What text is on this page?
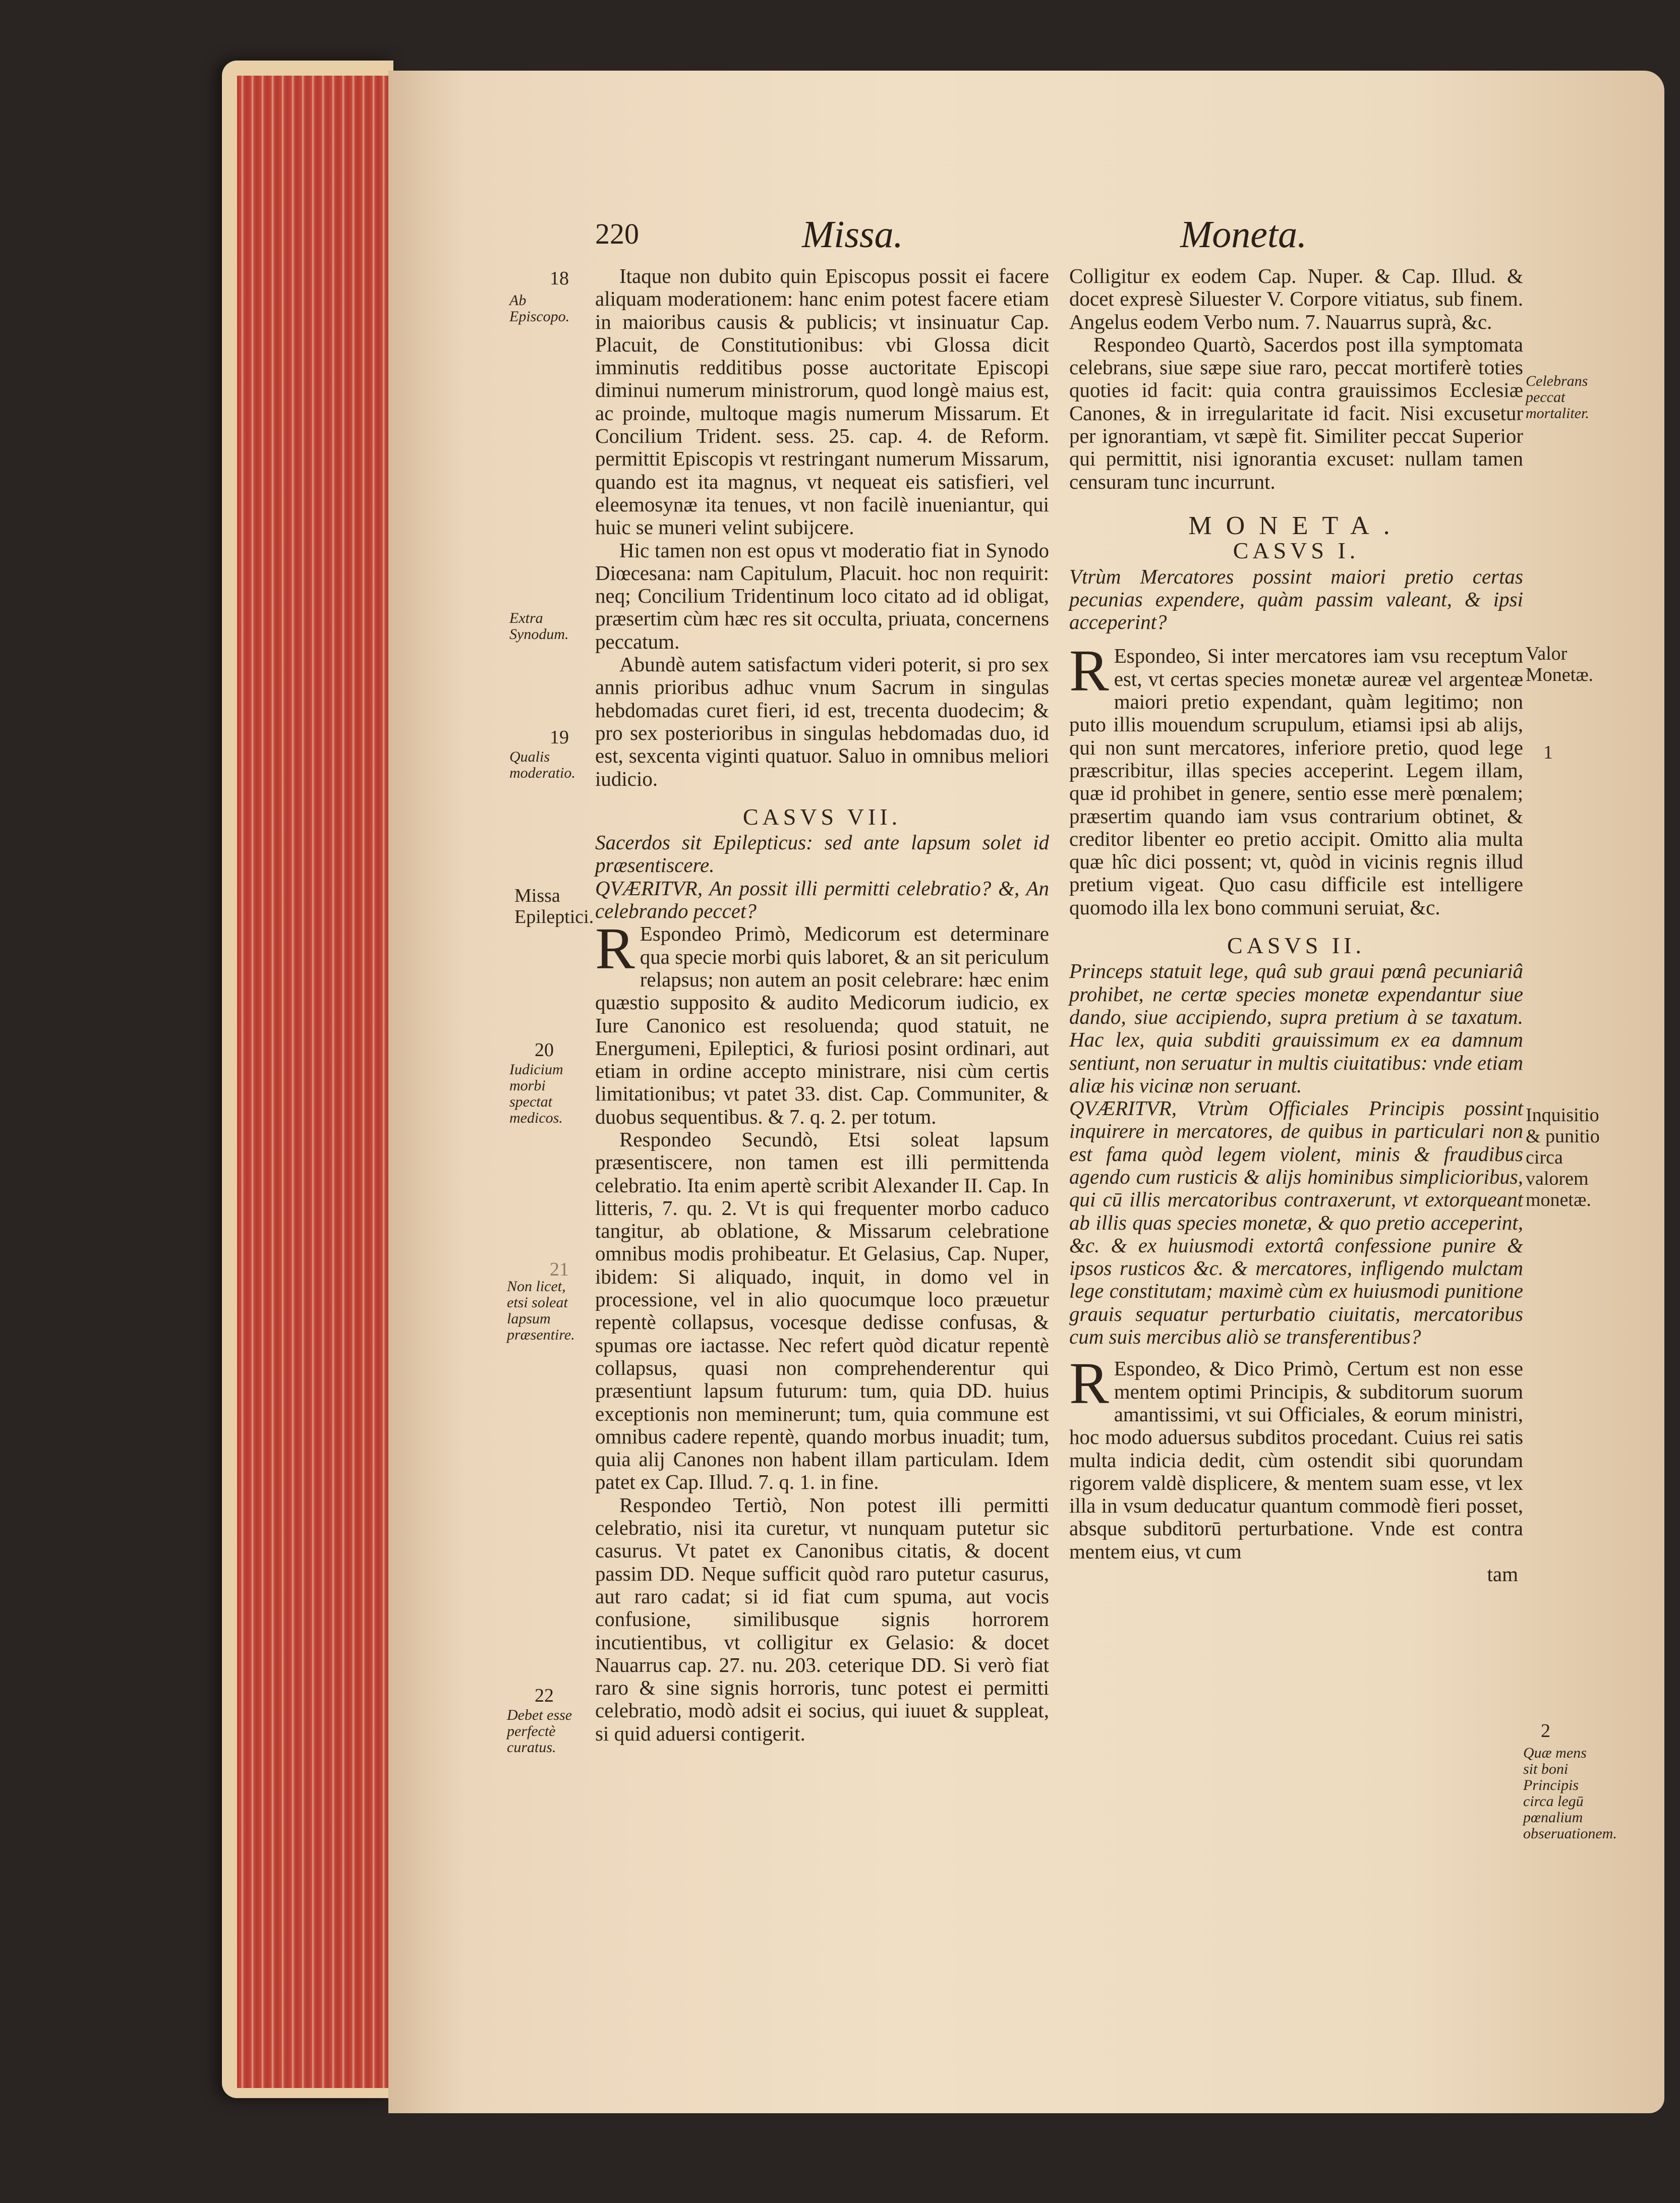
220	Missa.	Moneta.
18
Ab Episcopo.
Extra Synodum.
19
Qualis moderatio.
Missa Epileptici.
20
Iudicium morbi spectat medicos.
21
Non licet, etsi soleat lapsum præsentire.
22
Debet esse perfectè curatus.

Itaque non dubito quin Episcopus possit ei facere aliquam moderationem: hanc enim potest facere etiam in maioribus causis & publicis; vt insinuatur Cap. Placuit, de Constitutionibus: vbi Glossa dicit imminutis redditibus posse auctoritate Episcopi diminui numerum ministrorum, quod longè maius est, ac proinde, multoque magis numerum Missarum. Et Concilium Trident. sess. 25. cap. 4. de Reform. permittit Episcopis vt restringant numerum Missarum, quando est ita magnus, vt nequeat eis satisfieri, vel eleemosynæ ita tenues, vt non facilè inueniantur, qui huic se muneri velint subijcere.

Hic tamen non est opus vt moderatio fiat in Synodo Diœcesana: nam Capitulum, Placuit. hoc non requirit: neq; Concilium Tridentinum loco citato ad id obligat, præsertim cùm hæc res sit occulta, priuata, concernens peccatum.

Abundè autem satisfactum videri poterit, si pro sex annis prioribus adhuc vnum Sacrum in singulas hebdomadas curet fieri, id est, trecenta duodecim; & pro sex posterioribus in singulas hebdomadas duo, id est, sexcenta viginti quatuor. Saluo in omnibus meliori iudicio.

CASVS VII.

Sacerdos sit Epilepticus: sed ante lapsum solet id præsentiscere.

QVÆRITVR, An possit illi permitti celebratio? &, An celebrando peccet?

R Espondeo Primò, Medicorum est determinare qua specie morbi quis laboret, & an sit periculum relapsus; non autem an posit celebrare: hæc enim quæstio supposito & audito Medicorum iudicio, ex Iure Canonico est resoluenda; quod statuit, ne Energumeni, Epileptici, & furiosi posint ordinari, aut etiam in ordine accepto ministrare, nisi cùm certis limitationibus; vt patet 33. dist. Cap. Communiter, & duobus sequentibus. & 7. q. 2. per totum.

Respondeo Secundò, Etsi soleat lapsum præsentiscere, non tamen est illi permittenda celebratio. Ita enim apertè scribit Alexander II. Cap. In litteris, 7. qu. 2. Vt is qui frequenter morbo caduco tangitur, ab oblatione, & Missarum celebratione omnibus modis prohibeatur. Et Gelasius, Cap. Nuper, ibidem: Si aliquado, inquit, in domo vel in processione, vel in alio quocumque loco præuetur repentè collapsus, vocesque dedisse confusas, & spumas ore iactasse. Nec refert quòd dicatur repentè collapsus, quasi non comprehenderentur qui præsentiunt lapsum futurum: tum, quia DD. huius exceptionis non meminerunt; tum, quia commune est omnibus cadere repentè, quando morbus inuadit; tum, quia alij Canones non habent illam particulam. Idem patet ex Cap. Illud. 7. q. 1. in fine.

Respondeo Tertiò, Non potest illi permitti celebratio, nisi ita curetur, vt nunquam putetur sic casurus. Vt patet ex Canonibus citatis, & docent passim DD. Neque sufficit quòd raro putetur casurus, aut raro cadat; si id fiat cum spuma, aut vocis confusione, similibusque signis horrorem incutientibus, vt colligitur ex Gelasio: & docet Nauarrus cap. 27. nu. 203. ceterique DD. Si verò fiat raro & sine signis horroris, tunc potest ei permitti celebratio, modò adsit ei socius, qui iuuet & suppleat, si quid aduersi contigerit.

Colligitur ex eodem Cap. Nuper. & Cap. Illud. & docet expresè Siluester V. Corpore vitiatus, sub finem. Angelus eodem Verbo num. 7. Nauarrus suprà, &c.

Respondeo Quartò, Sacerdos post illa symptomata celebrans, siue sæpe siue raro, peccat mortiferè toties quoties id facit: quia contra grauissimos Ecclesiæ Canones, & in irregularitate id facit. Nisi excusetur per ignorantiam, vt sæpè fit. Similiter peccat Superior qui permittit, nisi ignorantia excuset: nullam tamen censuram tunc incurrunt.

MONETA.
CASVS I.

Vtrùm Mercatores possint maiori pretio certas pecunias expendere, quàm passim valeant, & ipsi acceperint?

R Espondeo, Si inter mercatores iam vsu receptum est, vt certas species monetæ aureæ vel argenteæ maiori pretio expendant, quàm legitimo; non puto illis mouendum scrupulum, etiamsi ipsi ab alijs, qui non sunt mercatores, inferiore pretio, quod lege præscribitur, illas species acceperint. Legem illam, quæ id prohibet in genere, sentio esse merè pœnalem; præsertim quando iam vsus contrarium obtinet, & creditor libenter eo pretio accipit. Omitto alia multa quæ hîc dici possent; vt, quòd in vicinis regnis illud pretium vigeat. Quo casu difficile est intelligere quomodo illa lex bono communi seruiat, &c.

CASVS II.

Princeps statuit lege, quâ sub graui pœnâ pecuniariâ prohibet, ne certæ species monetæ expendantur siue dando, siue accipiendo, supra pretium à se taxatum. Hac lex, quia subditi grauissimum ex ea damnum sentiunt, non seruatur in multis ciuitatibus: vnde etiam aliæ his vicinæ non seruant.

QVÆRITVR, Vtrùm Officiales Principis possint inquirere in mercatores, de quibus in particulari non est fama quòd legem violent, minis & fraudibus agendo cum rusticis & alijs hominibus simplicioribus, qui cū illis mercatoribus contraxerunt, vt extorqueant ab illis quas species monetæ, & quo pretio acceperint, &c. & ex huiusmodi extortâ confessione punire & ipsos rusticos &c. & mercatores, infligendo mulctam lege constitutam; maximè cùm ex huiusmodi punitione grauis sequatur perturbatio ciuitatis, mercatoribus cum suis mercibus aliò se transferentibus?

R Espondeo, & Dico Primò, Certum est non esse mentem optimi Principis, & subditorum suorum amantissimi, vt sui Officiales, & eorum ministri, hoc modo aduersus subditos procedant. Cuius rei satis multa indicia dedit, cùm ostendit sibi quorundam rigorem valdè displicere, & mentem suam esse, vt lex illa in vsum deducatur quantum commodè fieri posset, absque subditorū perturbatione. Vnde est contra mentem eius, vt cum

tam

Celebrans peccat mortaliter.
Valor Monetæ.
1
Inquisitio & punitio circa valorem monetæ.
2
Quæ mens sit boni Principis circa legū pœnalium obseruationem.
